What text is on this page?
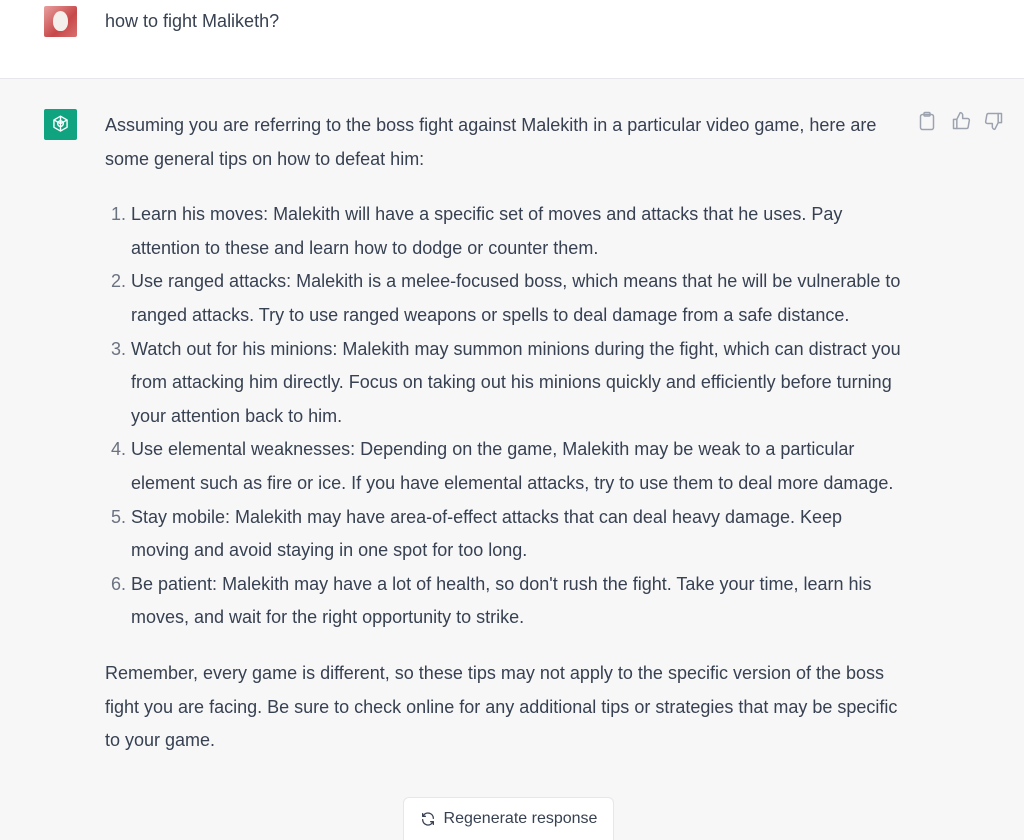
how to fight Maliketh?

Assuming you are referring to the boss fight against Malekith in a particular video game, here are some general tips on how to defeat him:

1. Learn his moves: Malekith will have a specific set of moves and attacks that he uses. Pay attention to these and learn how to dodge or counter them.
2. Use ranged attacks: Malekith is a melee-focused boss, which means that he will be vulnerable to ranged attacks. Try to use ranged weapons or spells to deal damage from a safe distance.
3. Watch out for his minions: Malekith may summon minions during the fight, which can distract you from attacking him directly. Focus on taking out his minions quickly and efficiently before turning your attention back to him.
4. Use elemental weaknesses: Depending on the game, Malekith may be weak to a particular element such as fire or ice. If you have elemental attacks, try to use them to deal more damage.
5. Stay mobile: Malekith may have area-of-effect attacks that can deal heavy damage. Keep moving and avoid staying in one spot for too long.
6. Be patient: Malekith may have a lot of health, so don't rush the fight. Take your time, learn his moves, and wait for the right opportunity to strike.

Remember, every game is different, so these tips may not apply to the specific version of the boss fight you are facing. Be sure to check online for any additional tips or strategies that may be specific to your game.

Regenerate response
